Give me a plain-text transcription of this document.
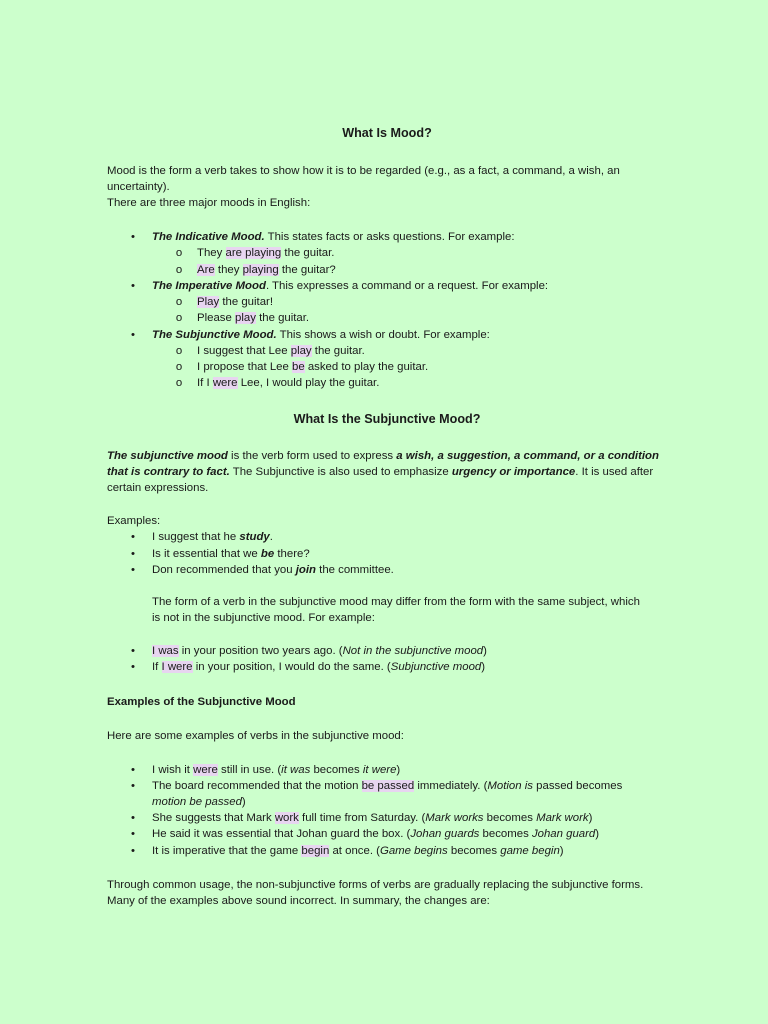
What Is Mood?
Mood is the form a verb takes to show how it is to be regarded (e.g., as a fact, a command, a wish, an
uncertainty).
There are three major moods in English:
•	The Indicative Mood. This states facts or asks questions. For example:
o	They are playing the guitar.
o	Are they playing the guitar?
•	The Imperative Mood. This expresses a command or a request. For example:
o	Play the guitar!
o	Please play the guitar.
•	The Subjunctive Mood. This shows a wish or doubt. For example:
o	I suggest that Lee play the guitar.
o	I propose that Lee be asked to play the guitar.
o	If I were Lee, I would play the guitar.
What Is the Subjunctive Mood?
The subjunctive mood is the verb form used to express a wish, a suggestion, a command, or a condition
that is contrary to fact. The Subjunctive is also used to emphasize urgency or importance. It is used after
certain expressions.
Examples:
•	I suggest that he study.
•	Is it essential that we be there?
•	Don recommended that you join the committee.
The form of a verb in the subjunctive mood may differ from the form with the same subject, which
is not in the subjunctive mood. For example:
•	I was in your position two years ago. (Not in the subjunctive mood)
•	If I were in your position, I would do the same. (Subjunctive mood)
Examples of the Subjunctive Mood
Here are some examples of verbs in the subjunctive mood:
•	I wish it were still in use. (it was becomes it were)
•	The board recommended that the motion be passed immediately. (Motion is passed becomes
motion be passed)
•	She suggests that Mark work full time from Saturday. (Mark works becomes Mark work)
•	He said it was essential that Johan guard the box. (Johan guards becomes Johan guard)
•	It is imperative that the game begin at once. (Game begins becomes game begin)
Through common usage, the non-subjunctive forms of verbs are gradually replacing the subjunctive forms.
Many of the examples above sound incorrect. In summary, the changes are:
